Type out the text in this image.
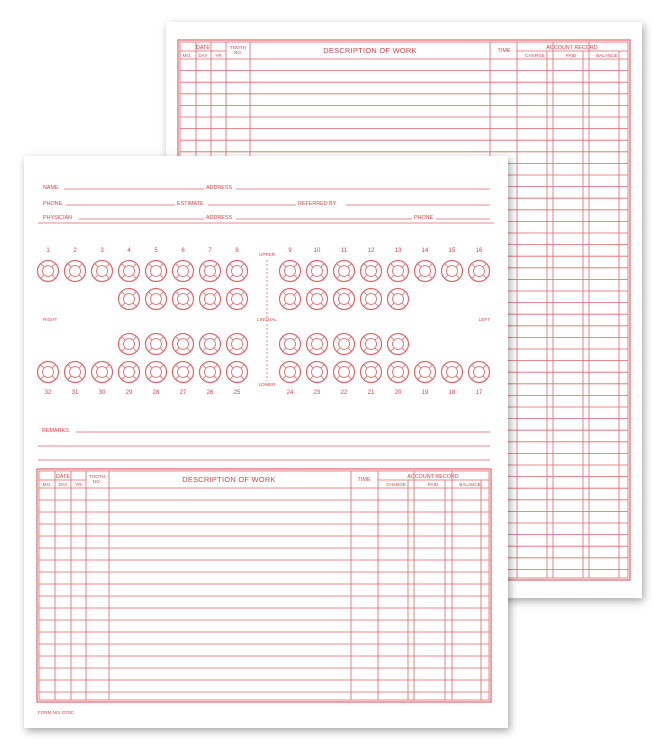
DATE
MO. DAY YR.
TOOTH
NO.	DESCRIPTION OF WORK	TIME	ACCOUNT RECORD
CHARGE	PAID	BALANCE
NAME	ADDRESS
PHONE	ESTIMATE	REFERRED BY
PHYSICIAN	ADDRESS	PHONE
1
32
2
31
3
30
4
29
5
28
6
27
7
26
8
25
9
24
10
23
11
22
12
21
13
20
14
19
15
18
16
17
UPPER
LOWER
LINGUAL
RIGHT	LEFT
REMARKS:
DATE
MO. DAY YR.
TOOTH
NO.	DESCRIPTION OF WORK	TIME	ACCOUNT RECORD
CHARGE	PAID	BALANCE
FORM NO. D70C
